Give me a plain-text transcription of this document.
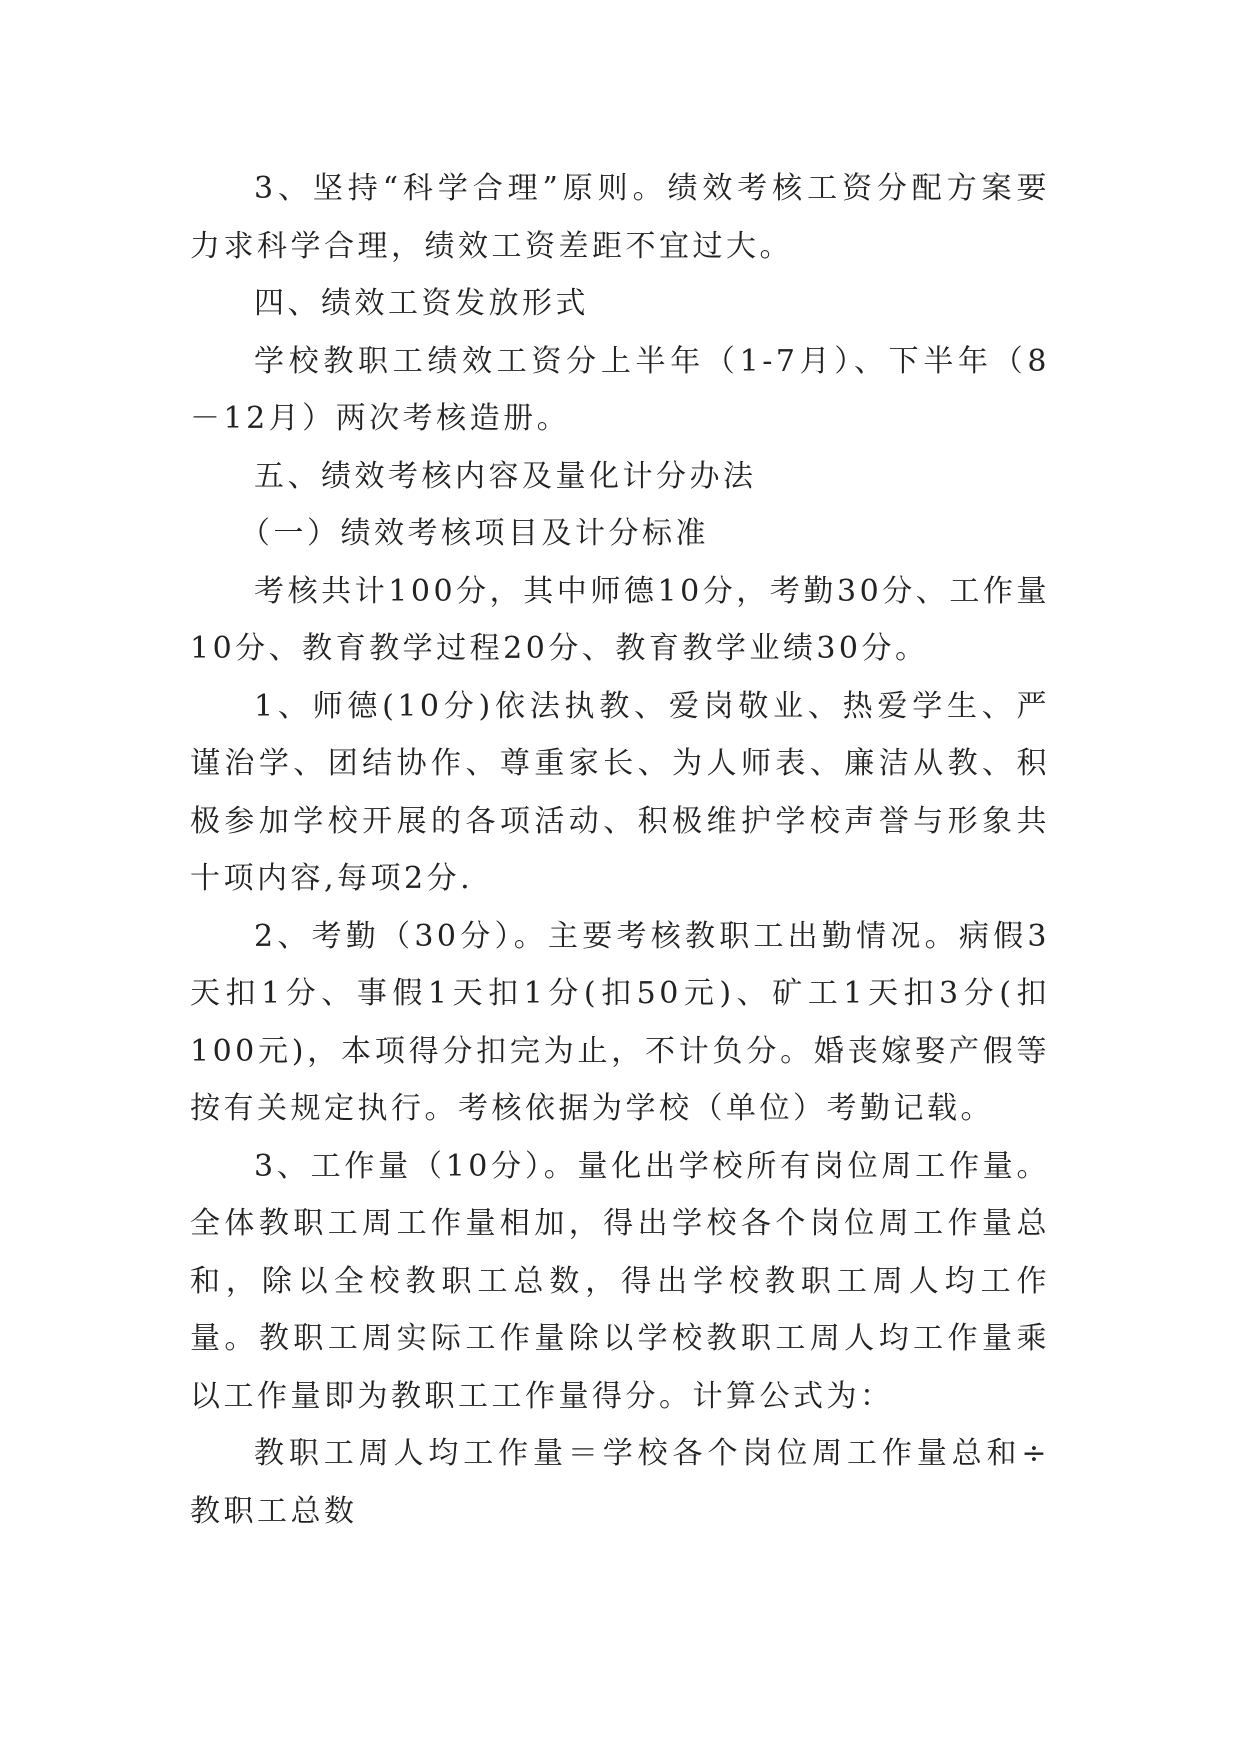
3、坚持“科学合理”原则。绩效考核工资分配方案要力求科学合理，绩效工资差距不宜过大。

四、绩效工资发放形式

学校教职工绩效工资分上半年（1-7月）、下半年（8－12月）两次考核造册。

五、绩效考核内容及量化计分办法

（一）绩效考核项目及计分标准

考核共计100分，其中师德10分，考勤30分、工作量10分、教育教学过程20分、教育教学业绩30分。

1、师德(10分)依法执教、爱岗敬业、热爱学生、严谨治学、团结协作、尊重家长、为人师表、廉洁从教、积极参加学校开展的各项活动、积极维护学校声誉与形象共十项内容,每项2分.

2、考勤（30分）。主要考核教职工出勤情况。病假3天扣1分、事假1天扣1分(扣50元)、矿工1天扣3分(扣100元)，本项得分扣完为止，不计负分。婚丧嫁娶产假等按有关规定执行。考核依据为学校（单位）考勤记载。

3、工作量（10分）。量化出学校所有岗位周工作量。全体教职工周工作量相加，得出学校各个岗位周工作量总和，除以全校教职工总数，得出学校教职工周人均工作量。教职工周实际工作量除以学校教职工周人均工作量乘以工作量即为教职工工作量得分。计算公式为：

教职工周人均工作量＝学校各个岗位周工作量总和÷教职工总数
